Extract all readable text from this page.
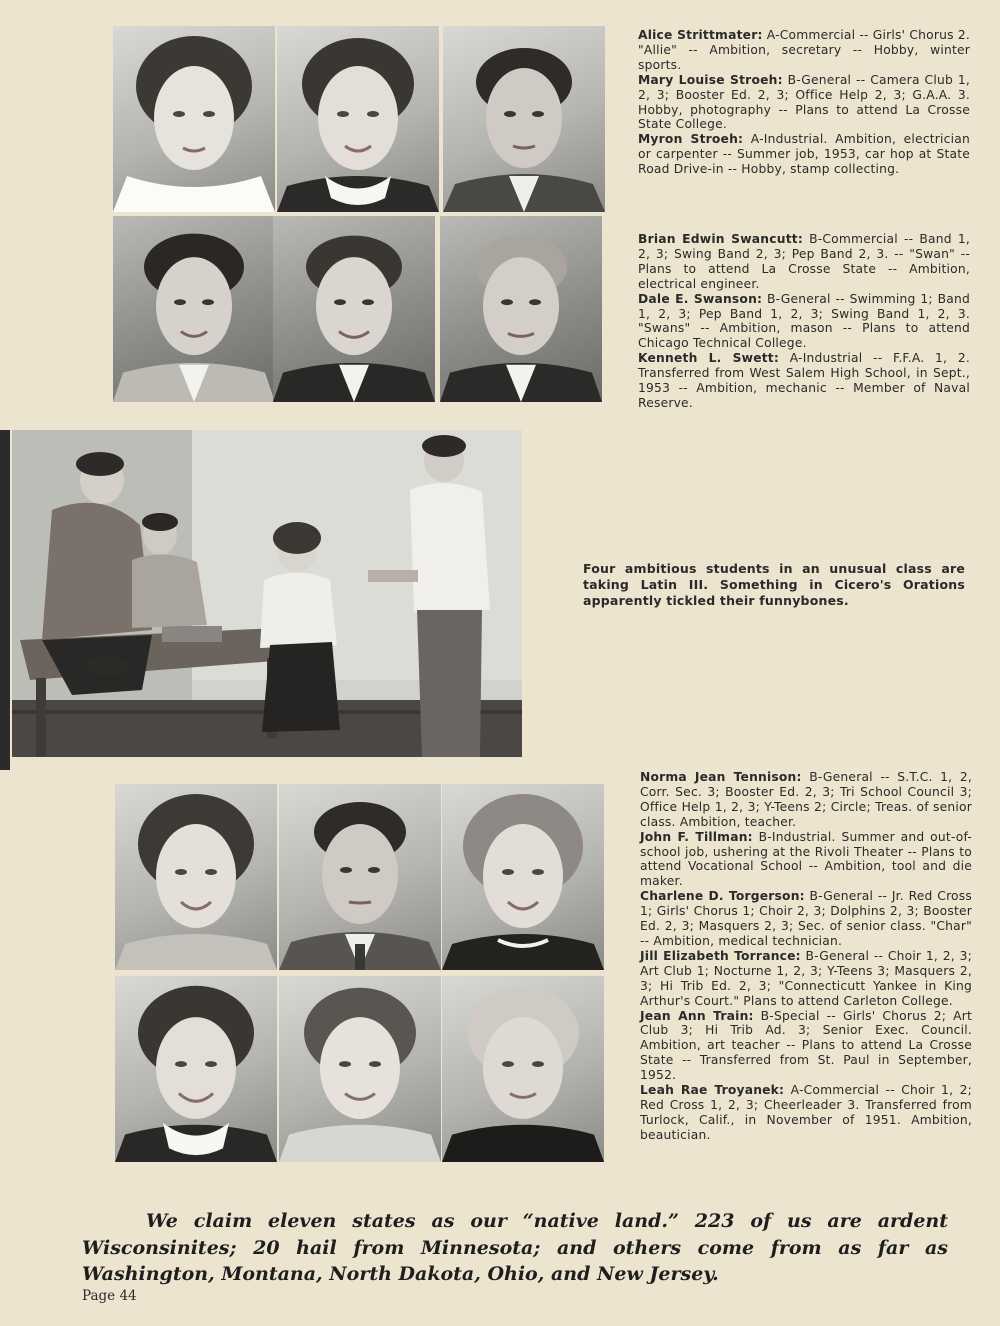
Alice Strittmater: A-Commercial -- Girls' Chorus 2. "Allie" -- Ambition, secretary -- Hobby, winter sports.

Mary Louise Stroeh: B-General -- Camera Club 1, 2, 3; Booster Ed. 2, 3; Office Help 2, 3; G.A.A. 3. Hobby, photography -- Plans to attend La Crosse State College.

Myron Stroeh: A-Industrial. Ambition, electrician or carpenter -- Summer job, 1953, car hop at State Road Drive-in -- Hobby, stamp collecting.

Brian Edwin Swancutt: B-Commercial -- Band 1, 2, 3; Swing Band 2, 3; Pep Band 2, 3. -- "Swan" -- Plans to attend La Crosse State -- Ambition, electrical engineer.

Dale E. Swanson: B-General -- Swimming 1; Band 1, 2, 3; Pep Band 1, 2, 3; Swing Band 1, 2, 3. "Swans" -- Ambition, mason -- Plans to attend Chicago Technical College.

Kenneth L. Swett: A-Industrial -- F.F.A. 1, 2. Transferred from West Salem High School, in Sept., 1953 -- Ambition, mechanic -- Member of Naval Reserve.

Four ambitious students in an unusual class are taking Latin III. Something in Cicero's Orations apparently tickled their funnybones.

Norma Jean Tennison: B-General -- S.T.C. 1, 2, Corr. Sec. 3; Booster Ed. 2, 3; Tri School Council 3; Office Help 1, 2, 3; Y-Teens 2; Circle; Treas. of senior class. Ambition, teacher.

John F. Tillman: B-Industrial. Summer and out-of-school job, ushering at the Rivoli Theater -- Plans to attend Vocational School -- Ambition, tool and die maker.

Charlene D. Torgerson: B-General -- Jr. Red Cross 1; Girls' Chorus 1; Choir 2, 3; Dolphins 2, 3; Booster Ed. 2, 3; Masquers 2, 3; Sec. of senior class. "Char" -- Ambition, medical technician.

Jill Elizabeth Torrance: B-General -- Choir 1, 2, 3; Art Club 1; Nocturne 1, 2, 3; Y-Teens 3; Masquers 2, 3; Hi Trib Ed. 2, 3; "Connecticutt Yankee in King Arthur's Court." Plans to attend Carleton College.

Jean Ann Train: B-Special -- Girls' Chorus 2; Art Club 3; Hi Trib Ad. 3; Senior Exec. Council. Ambition, art teacher -- Plans to attend La Crosse State -- Transferred from St. Paul in September, 1952.

Leah Rae Troyanek: A-Commercial -- Choir 1, 2; Red Cross 1, 2, 3; Cheerleader 3. Transferred from Turlock, Calif., in November of 1951. Ambition, beautician.

We claim eleven states as our “native land.” 223 of us are ardent Wisconsinites; 20 hail from Minnesota; and others come from as far as Washington, Montana, North Dakota, Ohio, and New Jersey.
Page 44
